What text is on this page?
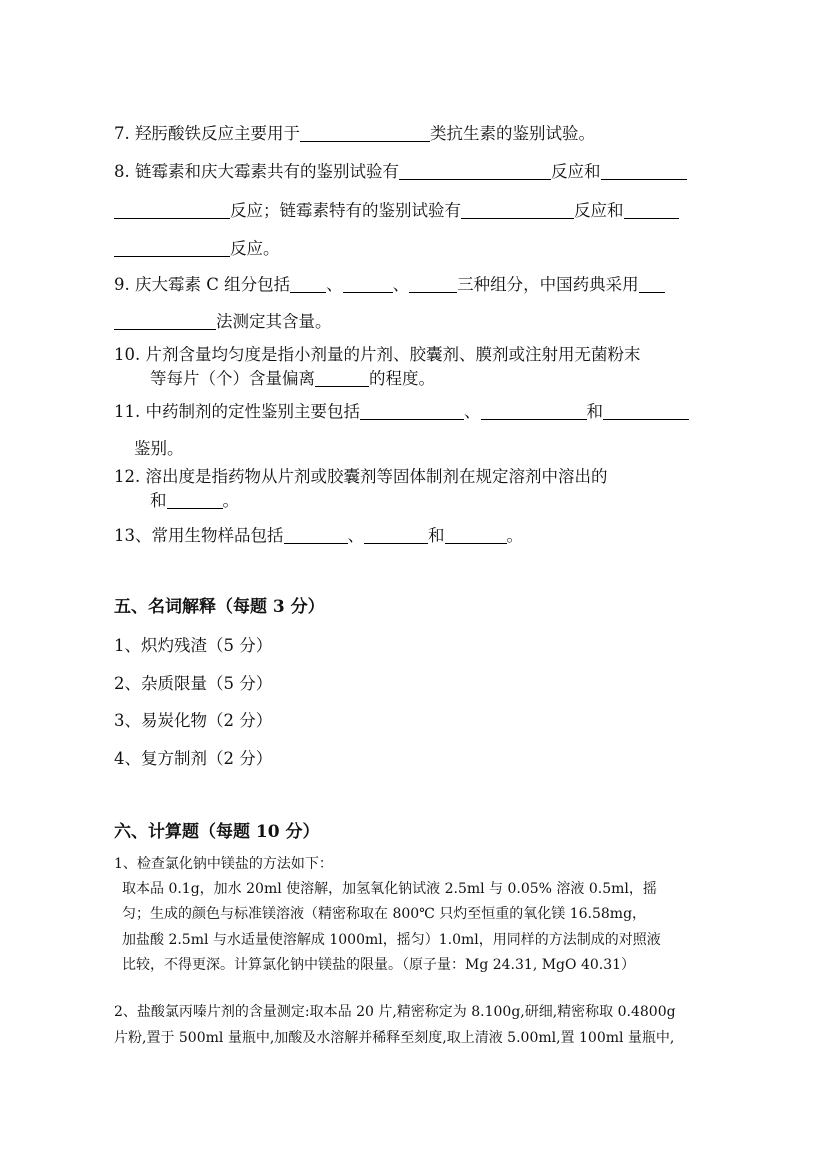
7. 羟肟酸铁反应主要用于	类抗生素的鉴别试验。
8. 链霉素和庆大霉素共有的鉴别试验有	反应和
反应；链霉素特有的鉴别试验有	反应和
反应。
9. 庆大霉素 C 组分包括 、	、	三种组分，中国药典采用
法测定其含量。
10. 片剂含量均匀度是指小剂量的片剂、胶囊剂、膜剂或注射用无菌粉末
等每片（个）含量偏离	的程度。
11. 中药制剂的定性鉴别主要包括	、	和
鉴别。
12. 溶出度是指药物从片剂或胶囊剂等固体制剂在规定溶剂中溶出的
和	。
13、常用生物样品包括	、	和	。
五、名词解释（每题 3 分）
1、炽灼残渣（5 分）
2、杂质限量（5 分）
3、易炭化物（2 分）
4、复方制剂（2 分）
六、计算题（每题 10 分）
1、检查氯化钠中镁盐的方法如下：
取本品 0.1g，加水 20ml 使溶解，加氢氧化钠试液 2.5ml 与 0.05% 溶液 0.5ml，摇
匀；生成的颜色与标准镁溶液（精密称取在 800℃ 只灼至恒重的氧化镁 16.58mg，
加盐酸 2.5ml 与水适量使溶解成 1000ml，摇匀）1.0ml，用同样的方法制成的对照液
比较，不得更深。计算氯化钠中镁盐的限量。（原子量：Mg 24.31, MgO 40.31）
2、盐酸氯丙嗪片剂的含量测定:取本品 20 片,精密称定为 8.100g,研细,精密称取 0.4800g
片粉,置于 500ml 量瓶中,加酸及水溶解并稀释至刻度,取上清液 5.00ml,置 100ml 量瓶中,
